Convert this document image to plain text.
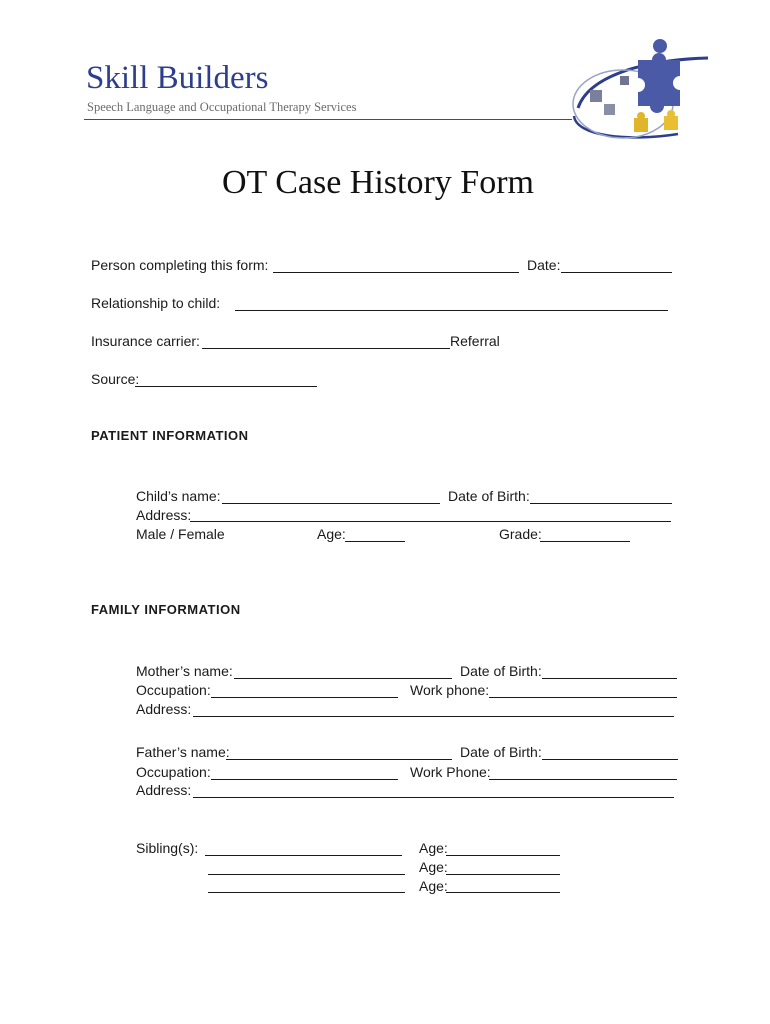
Skill Builders
Speech Language and Occupational Therapy Services
OT Case History Form
Person completing this form:	Date:
Relationship to child:
Insurance carrier:	Referral
Source:
PATIENT INFORMATION
Child’s name:	Date of Birth:
Address:
Male / Female	Age:	Grade:
FAMILY INFORMATION
Mother’s name:	Date of Birth:
Occupation:	Work phone:
Address:
Father’s name:	Date of Birth:
Occupation:	Work Phone:
Address:
Sibling(s):	Age:
Age:
Age:
